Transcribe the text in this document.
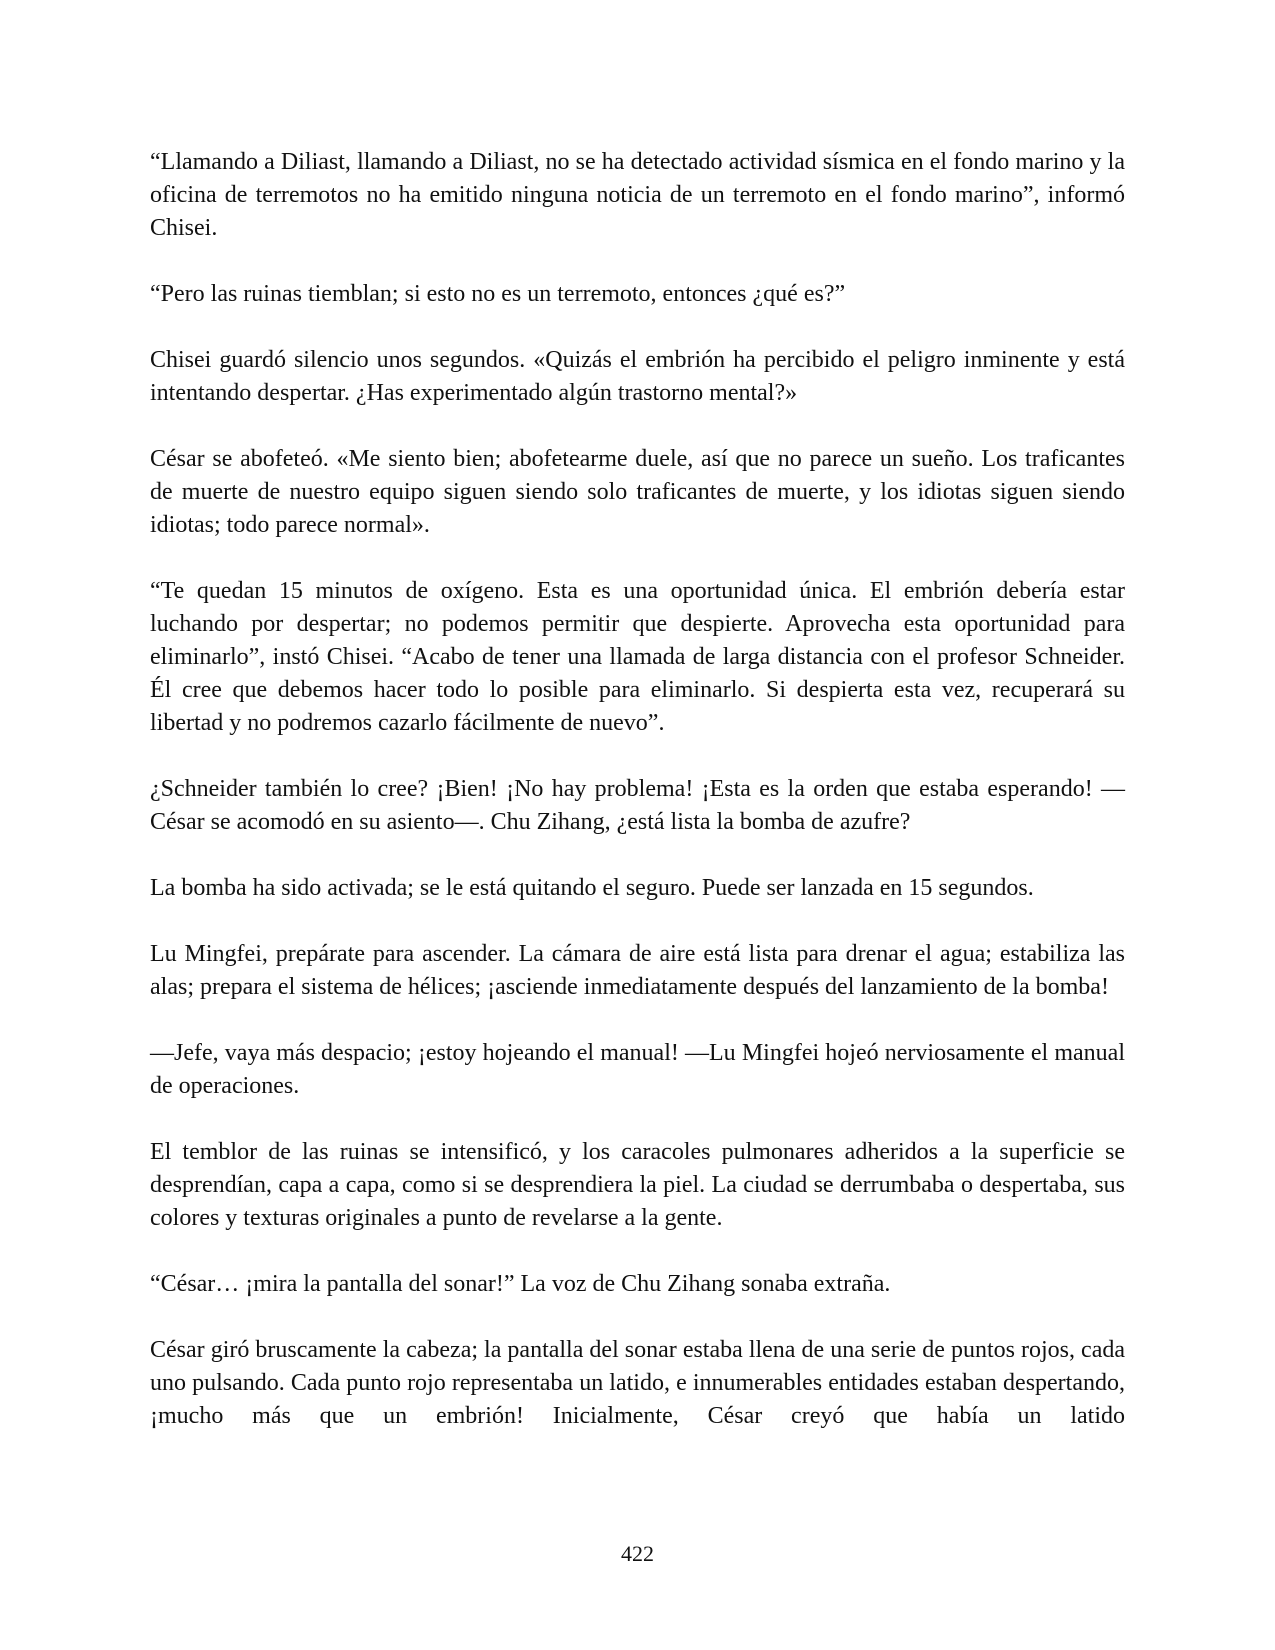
“Llamando a Diliast, llamando a Diliast, no se ha detectado actividad sísmica en el fondo marino y la oficina de terremotos no ha emitido ninguna noticia de un terremoto en el fondo marino”, informó Chisei.

“Pero las ruinas tiemblan; si esto no es un terremoto, entonces ¿qué es?”

Chisei guardó silencio unos segundos. «Quizás el embrión ha percibido el peligro inminente y está intentando despertar. ¿Has experimentado algún trastorno mental?»

César se abofeteó. «Me siento bien; abofetearme duele, así que no parece un sueño. Los traficantes de muerte de nuestro equipo siguen siendo solo traficantes de muerte, y los idiotas siguen siendo idiotas; todo parece normal».

“Te quedan 15 minutos de oxígeno. Esta es una oportunidad única. El embrión debería estar luchando por despertar; no podemos permitir que despierte. Aprovecha esta oportunidad para eliminarlo”, instó Chisei. “Acabo de tener una llamada de larga distancia con el profesor Schneider. Él cree que debemos hacer todo lo posible para eliminarlo. Si despierta esta vez, recuperará su libertad y no podremos cazarlo fácilmente de nuevo”.

¿Schneider también lo cree? ¡Bien! ¡No hay problema! ¡Esta es la orden que estaba esperando! —César se acomodó en su asiento—. Chu Zihang, ¿está lista la bomba de azufre?

La bomba ha sido activada; se le está quitando el seguro. Puede ser lanzada en 15 segundos.

Lu Mingfei, prepárate para ascender. La cámara de aire está lista para drenar el agua; estabiliza las alas; prepara el sistema de hélices; ¡asciende inmediatamente después del lanzamiento de la bomba!

—Jefe, vaya más despacio; ¡estoy hojeando el manual! —Lu Mingfei hojeó nerviosamente el manual de operaciones.

El temblor de las ruinas se intensificó, y los caracoles pulmonares adheridos a la superficie se desprendían, capa a capa, como si se desprendiera la piel. La ciudad se derrumbaba o despertaba, sus colores y texturas originales a punto de revelarse a la gente.

“César… ¡mira la pantalla del sonar!” La voz de Chu Zihang sonaba extraña.

César giró bruscamente la cabeza; la pantalla del sonar estaba llena de una serie de puntos rojos, cada uno pulsando. Cada punto rojo representaba un latido, e innumerables entidades estaban despertando, ¡mucho más que un embrión! Inicialmente, César creyó que había un latido

422
